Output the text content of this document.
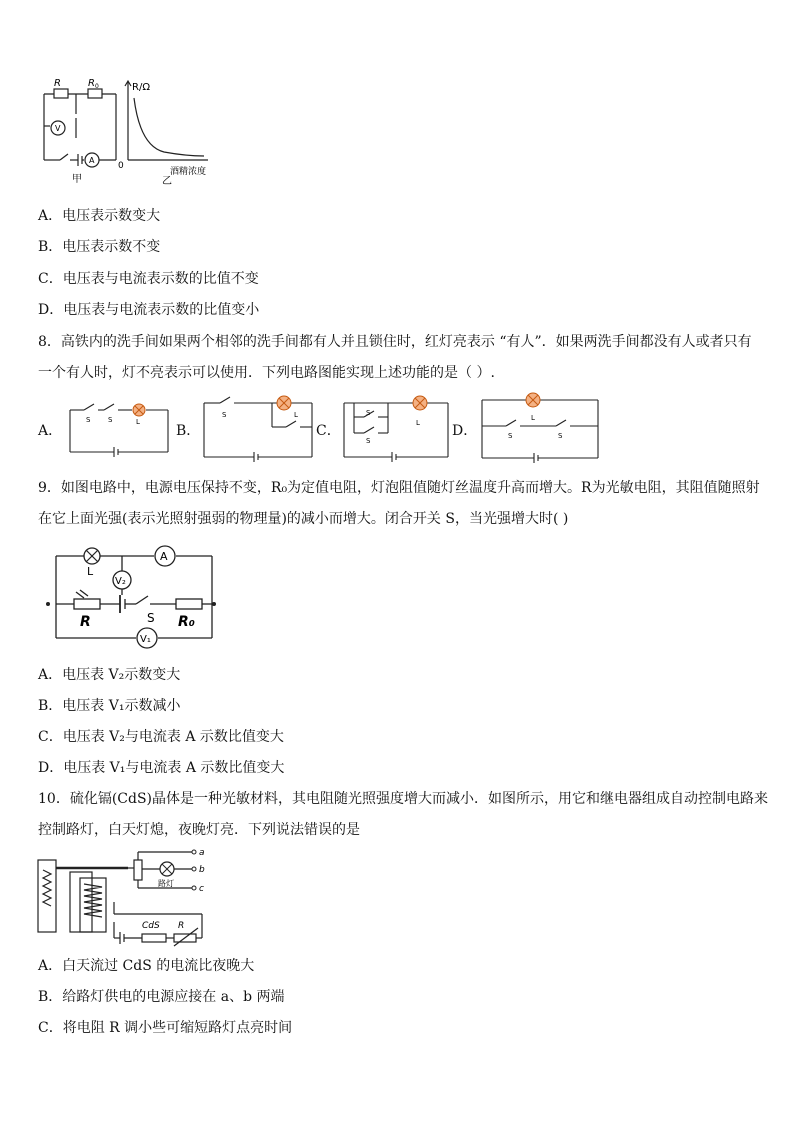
R	R 0
V
A
甲
R/Ω
0
酒精浓度
乙
A．电压表示数变大
B．电压表示数不变
C．电压表与电流表示数的比值不变
D．电压表与电流表示数的比值变小
8．高铁内的洗手间如果两个相邻的洗手间都有人并且锁住时，红灯亮表示 “有人”．如果两洗手间都没有人或者只有
一个有人时，灯不亮表示可以使用．下列电路图能实现上述功能的是（ ）.
A．
S	S	L
B．
S	L
C．
S
S
L D．
L
S	S
9．如图电路中，电源电压保持不变，R₀为定值电阻，灯泡阻值随灯丝温度升高而增大。R为光敏电阻，其阻值随照射
在它上面光强(表示光照射强弱的物理量)的减小而增大。闭合开关 S，当光强增大时( )
L
A
V₂
R	S R₀
V₁
A．电压表 V₂示数变大
B．电压表 V₁示数减小
C．电压表 V₂与电流表 A 示数比值变大
D．电压表 V₁与电流表 A 示数比值变大
10．硫化镉(CdS)晶体是一种光敏材料，其电阻随光照强度增大而减小．如图所示，用它和继电器组成自动控制电路来
控制路灯，白天灯熄，夜晚灯亮．下列说法错误的是
a
b
c
路灯
CdS R
A．白天流过 CdS 的电流比夜晚大
B．给路灯供电的电源应接在 a、b 两端
C．将电阻 R 调小些可缩短路灯点亮时间
